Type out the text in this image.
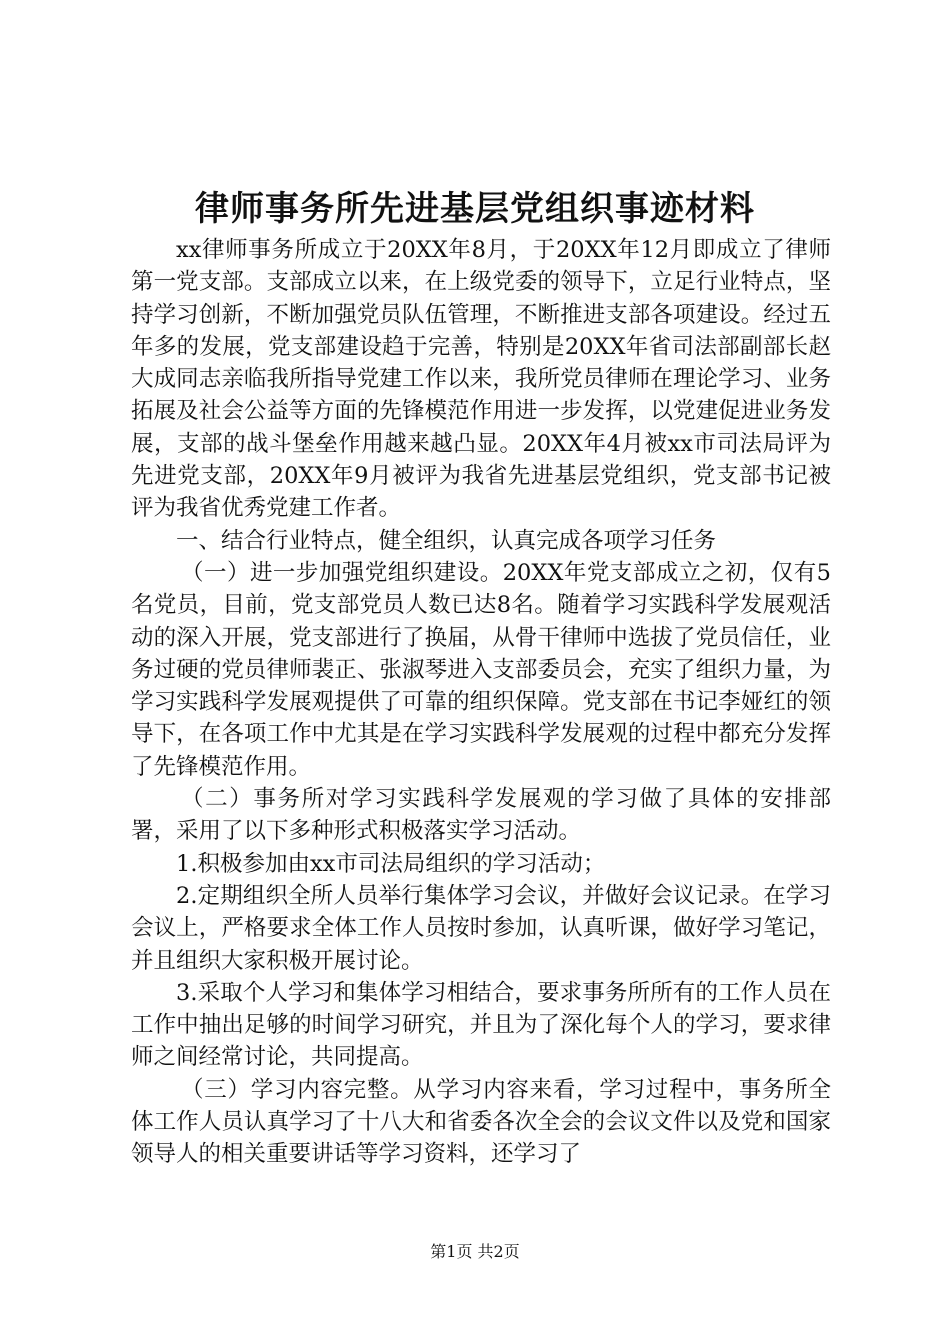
律师事务所先进基层党组织事迹材料

xx律师事务所成立于20XX年8月，于20XX年12月即成立了律师第一党支部。支部成立以来，在上级党委的领导下，立足行业特点，坚持学习创新，不断加强党员队伍管理，不断推进支部各项建设。经过五年多的发展，党支部建设趋于完善，特别是20XX年省司法部副部长赵大成同志亲临我所指导党建工作以来，我所党员律师在理论学习、业务拓展及社会公益等方面的先锋模范作用进一步发挥，以党建促进业务发展，支部的战斗堡垒作用越来越凸显。20XX年4月被xx市司法局评为先进党支部，20XX年9月被评为我省先进基层党组织，党支部书记被评为我省优秀党建工作者。

一、结合行业特点，健全组织，认真完成各项学习任务

（一）进一步加强党组织建设。20XX年党支部成立之初，仅有5名党员，目前，党支部党员人数已达8名。随着学习实践科学发展观活动的深入开展，党支部进行了换届，从骨干律师中选拔了党员信任，业务过硬的党员律师裴正、张淑琴进入支部委员会，充实了组织力量，为学习实践科学发展观提供了可靠的组织保障。党支部在书记李娅红的领导下，在各项工作中尤其是在学习实践科学发展观的过程中都充分发挥了先锋模范作用。

（二）事务所对学习实践科学发展观的学习做了具体的安排部署，采用了以下多种形式积极落实学习活动。

1.积极参加由xx市司法局组织的学习活动；

2.定期组织全所人员举行集体学习会议，并做好会议记录。在学习会议上，严格要求全体工作人员按时参加，认真听课，做好学习笔记，并且组织大家积极开展讨论。

3.采取个人学习和集体学习相结合，要求事务所所有的工作人员在工作中抽出足够的时间学习研究，并且为了深化每个人的学习，要求律师之间经常讨论，共同提高。

（三）学习内容完整。从学习内容来看，学习过程中，事务所全体工作人员认真学习了十八大和省委各次全会的会议文件以及党和国家领导人的相关重要讲话等学习资料，还学习了

第1页 共2页
